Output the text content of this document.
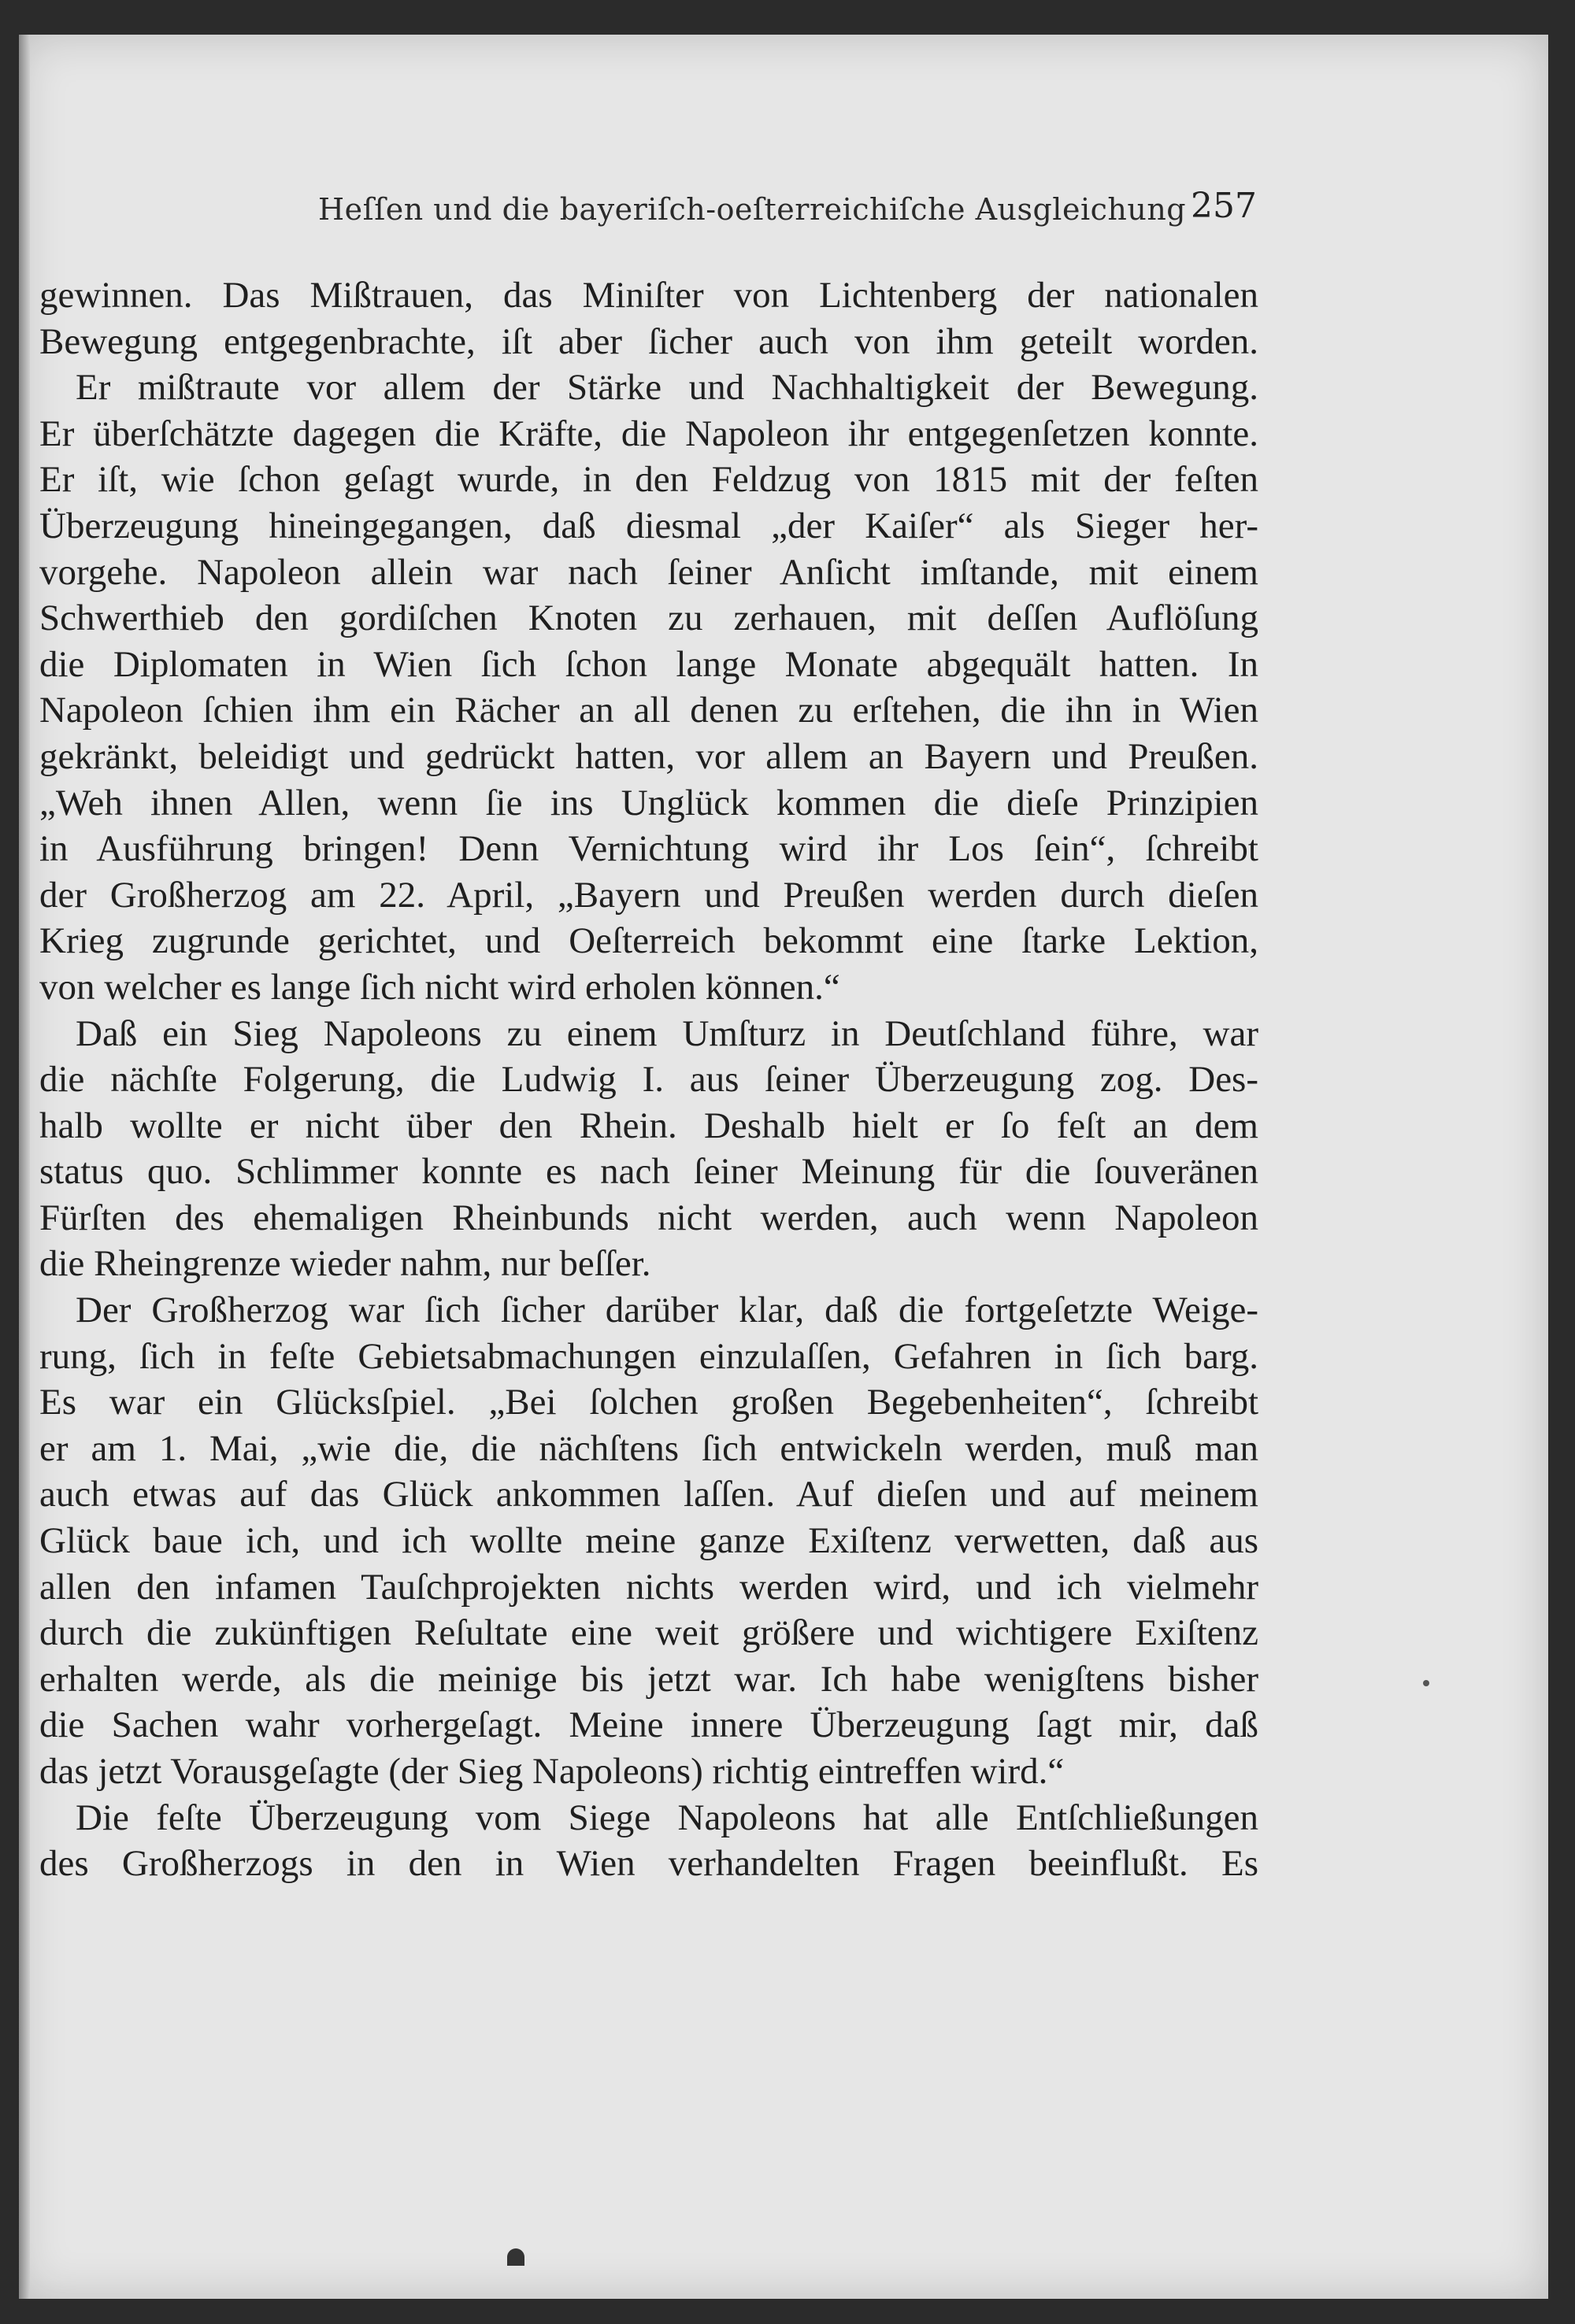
Heſſen und die bayeriſch-oeſterreichiſche Ausgleichung 257
gewinnen. Das Mißtrauen, das Miniſter von Lichtenberg der nationalen
Bewegung entgegenbrachte, iſt aber ſicher auch von ihm geteilt worden.
Er mißtraute vor allem der Stärke und Nachhaltigkeit der Bewegung.
Er überſchätzte dagegen die Kräfte, die Napoleon ihr entgegenſetzen konnte.
Er iſt, wie ſchon geſagt wurde, in den Feldzug von 1815 mit der feſten
Überzeugung hineingegangen, daß diesmal „der Kaiſer“ als Sieger her-
vorgehe. Napoleon allein war nach ſeiner Anſicht imſtande, mit einem
Schwerthieb den gordiſchen Knoten zu zerhauen, mit deſſen Auflöſung
die Diplomaten in Wien ſich ſchon lange Monate abgequält hatten. In
Napoleon ſchien ihm ein Rächer an all denen zu erſtehen, die ihn in Wien
gekränkt, beleidigt und gedrückt hatten, vor allem an Bayern und Preußen.
„Weh ihnen Allen, wenn ſie ins Unglück kommen die dieſe Prinzipien
in Ausführung bringen! Denn Vernichtung wird ihr Los ſein“, ſchreibt
der Großherzog am 22. April, „Bayern und Preußen werden durch dieſen
Krieg zugrunde gerichtet, und Oeſterreich bekommt eine ſtarke Lektion,
von welcher es lange ſich nicht wird erholen können.“
Daß ein Sieg Napoleons zu einem Umſturz in Deutſchland führe, war
die nächſte Folgerung, die Ludwig I. aus ſeiner Überzeugung zog. Des-
halb wollte er nicht über den Rhein. Deshalb hielt er ſo feſt an dem
status quo. Schlimmer konnte es nach ſeiner Meinung für die ſouveränen
Fürſten des ehemaligen Rheinbunds nicht werden, auch wenn Napoleon
die Rheingrenze wieder nahm, nur beſſer.
Der Großherzog war ſich ſicher darüber klar, daß die fortgeſetzte Weige-
rung, ſich in feſte Gebietsabmachungen einzulaſſen, Gefahren in ſich barg.
Es war ein Glücksſpiel. „Bei ſolchen großen Begebenheiten“, ſchreibt
er am 1. Mai, „wie die, die nächſtens ſich entwickeln werden, muß man
auch etwas auf das Glück ankommen laſſen. Auf dieſen und auf meinem
Glück baue ich, und ich wollte meine ganze Exiſtenz verwetten, daß aus
allen den infamen Tauſchprojekten nichts werden wird, und ich vielmehr
durch die zukünftigen Reſultate eine weit größere und wichtigere Exiſtenz
erhalten werde, als die meinige bis jetzt war. Ich habe wenigſtens bisher
die Sachen wahr vorhergeſagt. Meine innere Überzeugung ſagt mir, daß
das jetzt Vorausgeſagte (der Sieg Napoleons) richtig eintreffen wird.“
Die feſte Überzeugung vom Siege Napoleons hat alle Entſchließungen
des Großherzogs in den in Wien verhandelten Fragen beeinflußt. Es
